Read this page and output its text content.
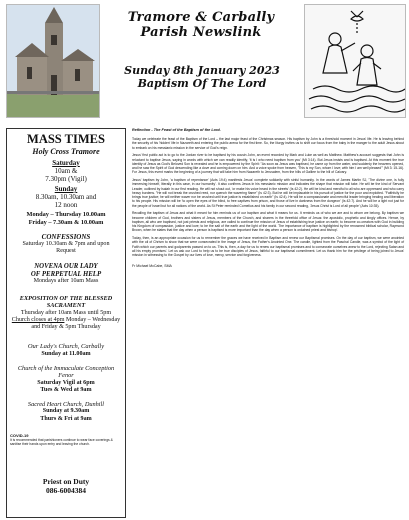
Tramore & Carbally
Parish Newslink
Sunday 8th January 2023
Baptism Of The Lord
MASS TIMES
Holy Cross Tramore
Saturday
10am &
7.30pm (Vigil)
Sunday
8.30am, 10.30am and
12 noon
Monday – Thursday 10.00am
Friday – 7.30am & 10.00am
CONFESSIONS
Saturday 10.30am & 7pm and upon
Request
NOVENA OUR LADY
OF PERPETUAL HELP
Mondays after 10am Mass
EXPOSITION OF THE BLESSED
SACRAMENT
Thursday after 10am Mass until 5pm
Church closes at 4pm Monday – Wednesday
and Friday & 5pm Thursday
Our Lady's Church, Carbally
Sunday at 11.00am
Church of the Immaculate Conception
Fenor
Saturday Vigil at 6pm
Tues & Wed at 9am
Sacred Heart Church, Dunhill
Sunday at 9.30am
Thurs & Fri at 9am
COVID-19
It is recommended that parishioners continue to wear face coverings & sanitise their hands upon entry and leaving the church.
Priest on Duty
086-6004384
Reflection - The Feast of the Baptism of the Lord.

Today we celebrate the feast of the Baptism of the Lord – the last major feast of the Christmas season. His baptism by John is a threshold moment in Jesus' life. He is leaving behind the security of his 'hidden' life in Nazareth and entering the public arena for the first time. So, the liturgy invites us to shift our focus from the baby in the manger to the adult Jesus about to embark on his messianic mission in the service of God's reign.

Jesus' first public act is to go to the Jordan river to be baptised by his cousin John, an event recorded by Mark and Luke as well as Matthew. Matthew's account suggests that John is reluctant to baptise Jesus, saying in words with which we can readily identify, 'It is I who need baptism from you' (Mt 3:14). But Jesus insists and is baptised. At this moment the true identity of Jesus as God's Beloved Son is revealed and he is empowered by the Spirit: "As soon as Jesus was baptised, he came up from the water, and suddenly the heavens opened, and he saw the Spirit of God descending like a dove and coming down on him. And a voice spoke from heaven, 'This is my Son, whom I love; with him I am well pleased'" (Mt 3: 15-16). For Jesus, this event marks the beginning of a journey that will take him from Nazareth to Jerusalem, from the hills of Galilee to the hill of Calvary.

Jesus' baptism by John, 'a baptism of repentance' (Acts 19:4) manifests Jesus' complete solidarity with sinful humanity. In the words of James Martin SJ, 'The divine one, is fully immersing himself, literally in this case, in our humanity'. It also confirms Jesus in his messianic mission and indicates the shape that mission will take. He will be the kind of Servant Leader, outlined by Isaiah in our first reading. He will not shout out, 'or make his voice heard in the streets' (Is 42:2). He will be kind and merciful to all who are oppressed and who carry heavy burdens. "He will not break the crushed reed, nor quench the wavering flame" (Is 42:3). But he will be implacable in his pursuit of justice for the poor and exploited. "Faithfully he brings true justice; he will neither waver nor be crushed until true justice is established on earth" (Is 42:4). He will be a compassionate and merciful leader bringing healing and liberation to his people. His mission will be 'to open the eyes of the blind, to free captives from prison, and those of live in darkness from the dungeon' (Is 42:7). And he will be a light not just for the people of Israel but for all nations of the world. As St Peter reminded Cornelius and his family in our second reading, 'Jesus Christ is Lord of all people' (Acts 10:35).

Recalling the baptism of Jesus and what it meant for him reminds us of our baptism and what it means for us. It reminds us of who we are and to whom we belong. By baptism we become children of God, brothers and sisters of Jesus, members of the Church, and sharers in the threefold office of Jesus: the apostolic, prophetic and kingly offices. Hence, by baptism, all who are baptised, not just priests and religious, are called to continue the mission of Jesus of establishing true justice on earth; to become co-creators with God in building his Kingdom of compassion, justice and love; to be the salt of the earth and the light of the world. The importance of baptism is highlighted by the renowned biblical scholar, Raymond Brown, when he states that the day when a person is baptised is more important than the day when a person is ordained priest and bishop'.

Today, then, is an appropriate occasion for us to remember the graces we have received in Baptism and renew our Baptismal promises. On the day of our baptism, we were anointed with the oil of Chrism to show that we were consecrated in the image of Jesus, the Father's Anointed One. The candle, lighted from the Paschal Candle, was a symbol of the light of Faith which our parents and godparents passed on to us. This is, then, a day for us to renew our baptismal promises and to consecrate ourselves anew to the Lord, rejecting Satan and all his empty promises'. Let us ask our Lord to help us to be true disciples of Jesus, faithful to our baptismal commitment. Let us thank him for the privilege of being joined to Jesus' mission in witnessing to the Gospel by our lives of love, mercy, service and forgiveness.

Fr Michael McCabe, SMA
